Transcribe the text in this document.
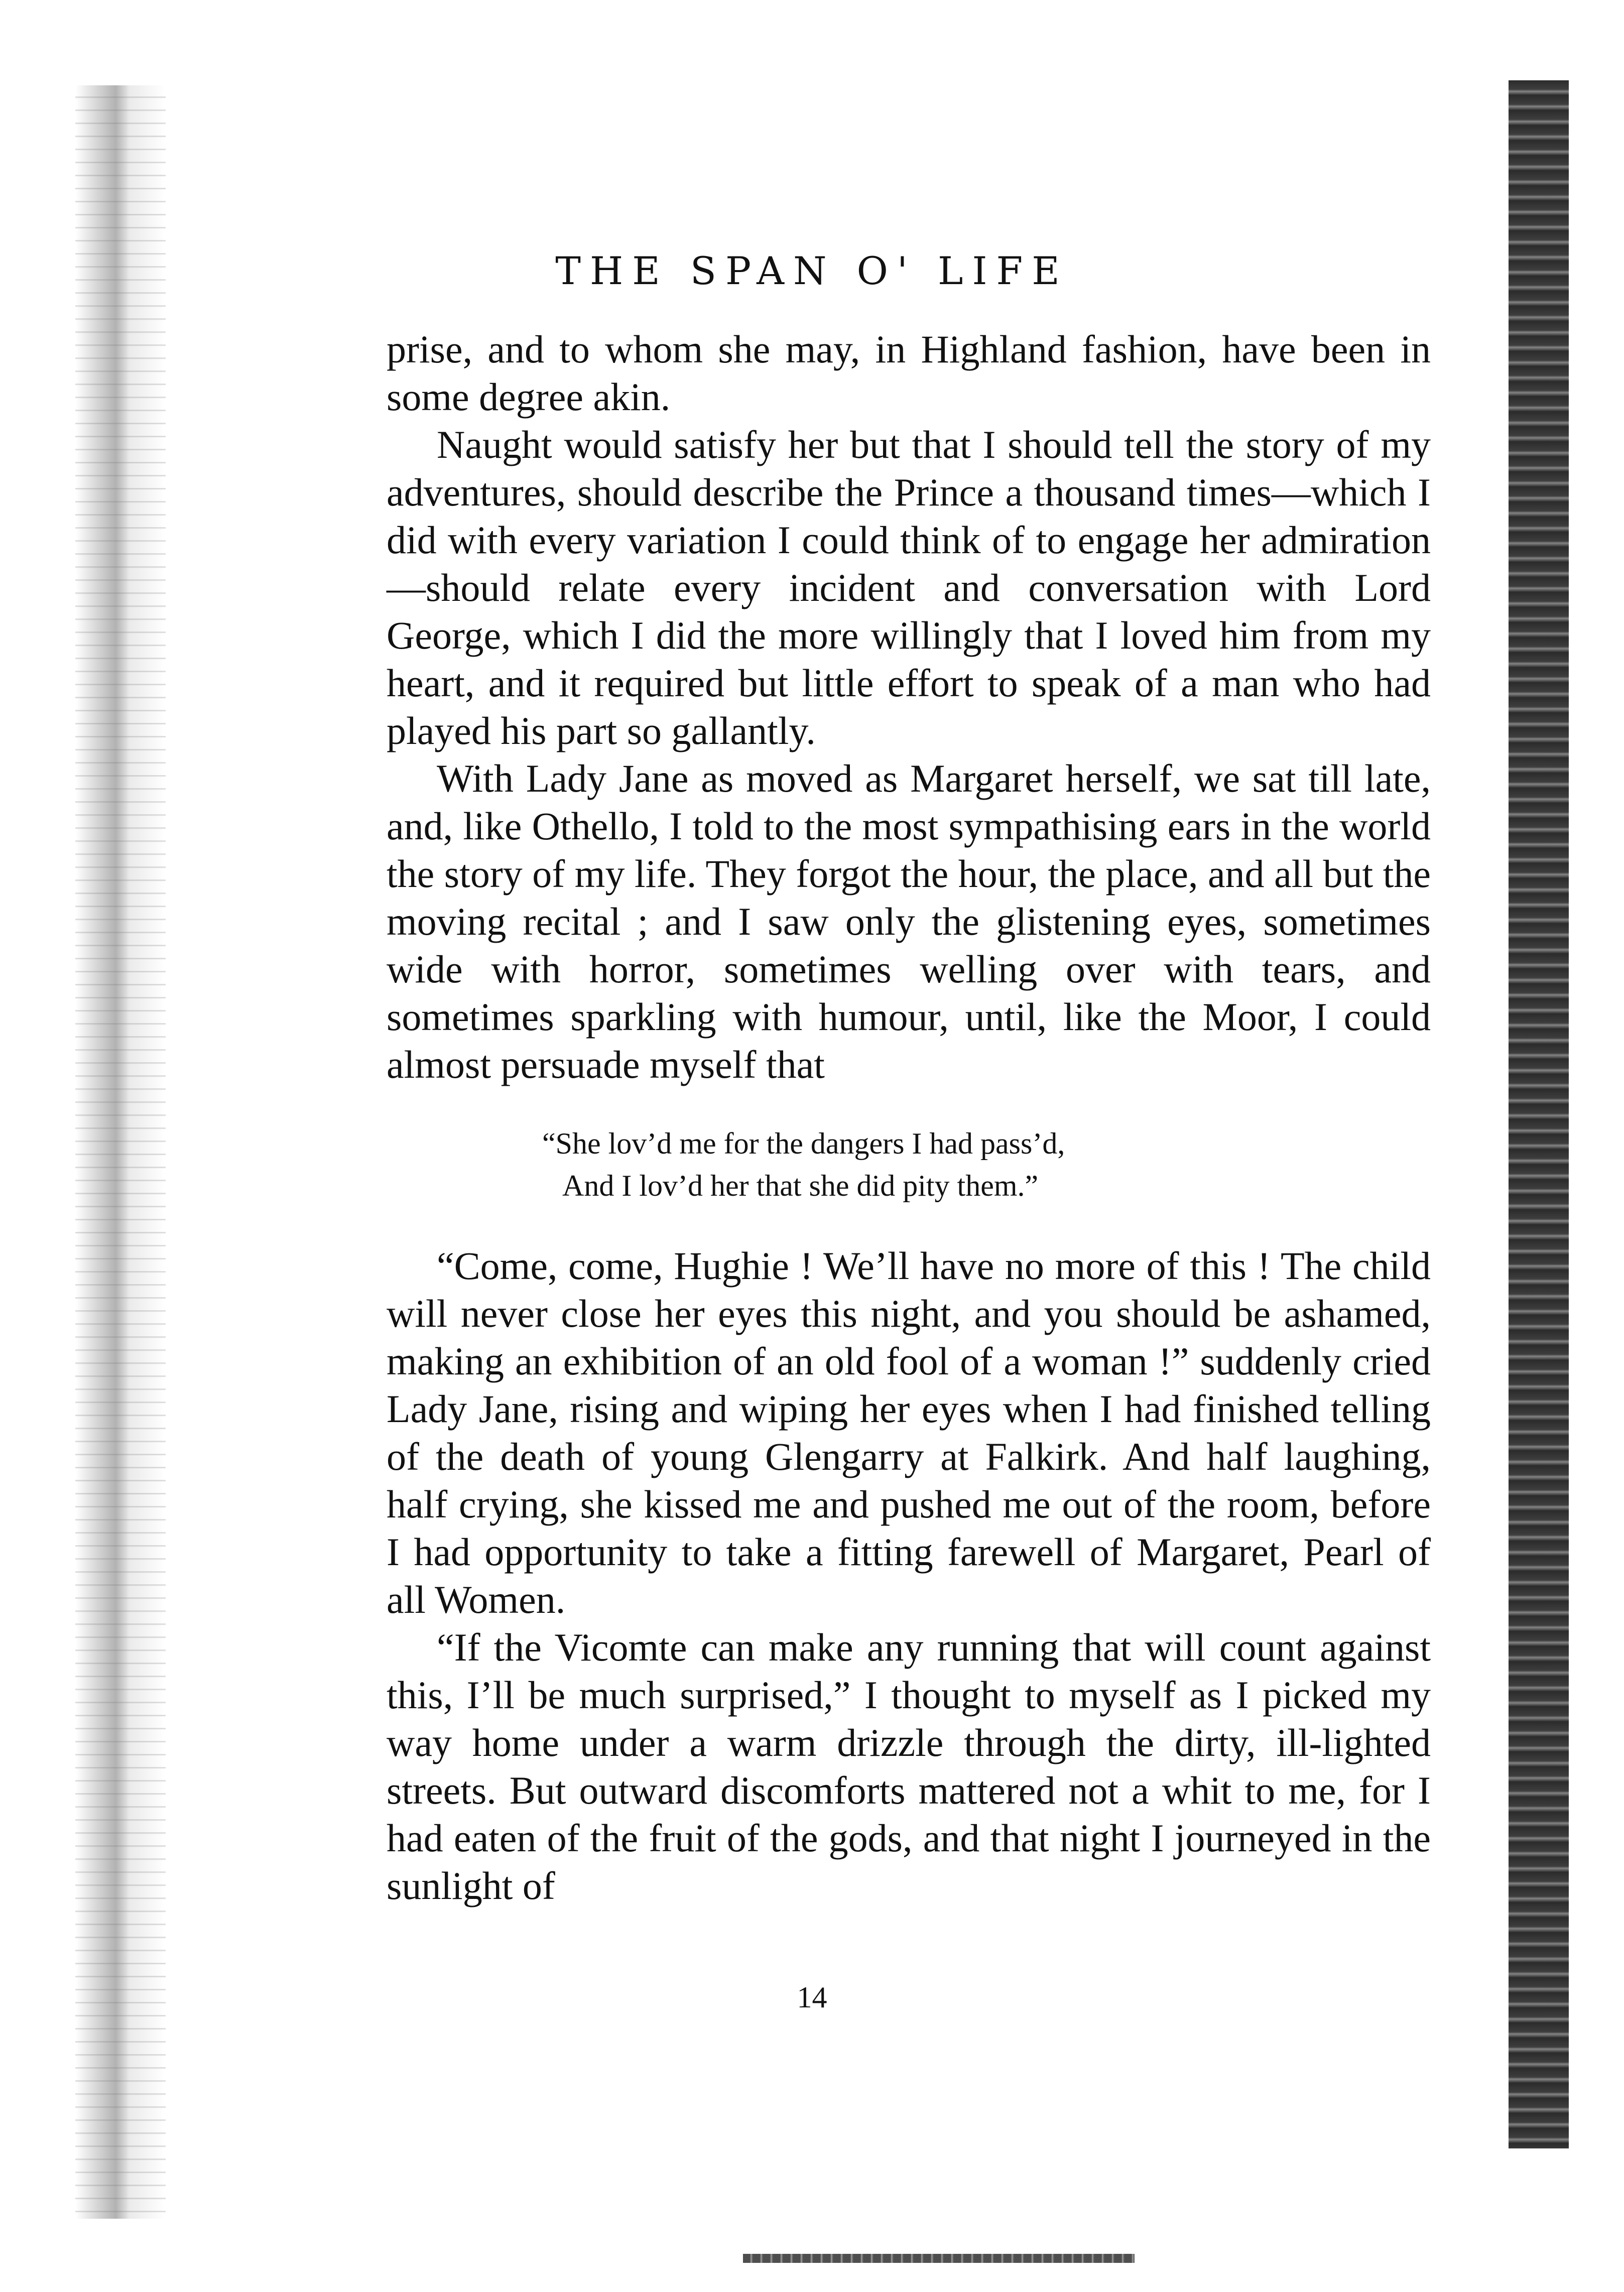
THE SPAN O' LIFE

prise, and to whom she may, in Highland fashion, have been in some degree akin.

Naught would satisfy her but that I should tell the story of my adventures, should describe the Prince a thousand times—which I did with every variation I could think of to engage her admiration—should relate every incident and conversation with Lord George, which I did the more willingly that I loved him from my heart, and it required but little effort to speak of a man who had played his part so gallantly.

With Lady Jane as moved as Margaret herself, we sat till late, and, like Othello, I told to the most sympathising ears in the world the story of my life. They forgot the hour, the place, and all but the moving recital ; and I saw only the glistening eyes, sometimes wide with horror, sometimes welling over with tears, and sometimes sparkling with humour, until, like the Moor, I could almost persuade myself that

“She lov’d me for the dangers I had pass’d,
And I lov’d her that she did pity them.”

“Come, come, Hughie ! We’ll have no more of this ! The child will never close her eyes this night, and you should be ashamed, making an exhibition of an old fool of a woman !” suddenly cried Lady Jane, rising and wiping her eyes when I had finished telling of the death of young Glengarry at Falkirk. And half laughing, half crying, she kissed me and pushed me out of the room, before I had opportunity to take a fitting farewell of Margaret, Pearl of all Women.

“If the Vicomte can make any running that will count against this, I’ll be much surprised,” I thought to myself as I picked my way home under a warm drizzle through the dirty, ill-lighted streets. But outward discomforts mattered not a whit to me, for I had eaten of the fruit of the gods, and that night I journeyed in the sunlight of

14
